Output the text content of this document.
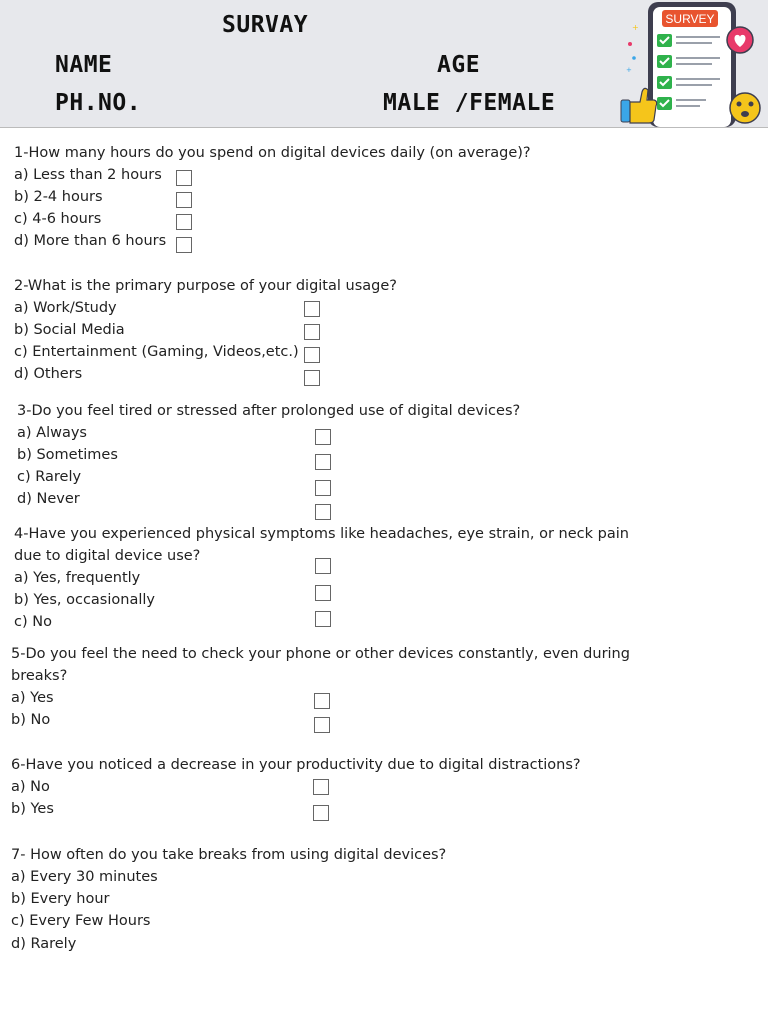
SURVAY
NAME	AGE
PH.NO.	MALE /FEMALE
+
+
SURVEY
1-How many hours do you spend on digital devices daily (on average)?
a) Less than 2 hours
b) 2-4 hours
c) 4-6 hours
d) More than 6 hours
2-What is the primary purpose of your digital usage?
a) Work/Study
b) Social Media
c) Entertainment (Gaming, Videos,etc.)
d) Others
3-Do you feel tired or stressed after prolonged use of digital devices?
a) Always
b) Sometimes
c) Rarely
d) Never
4-Have you experienced physical symptoms like headaches, eye strain, or neck pain
due to digital device use?
a) Yes, frequently
b) Yes, occasionally
c) No
5-Do you feel the need to check your phone or other devices constantly, even during
breaks?
a) Yes
b) No
6-Have you noticed a decrease in your productivity due to digital distractions?
a) No
b) Yes
7- How often do you take breaks from using digital devices?
a) Every 30 minutes
b) Every hour
c) Every Few Hours
d) Rarely
